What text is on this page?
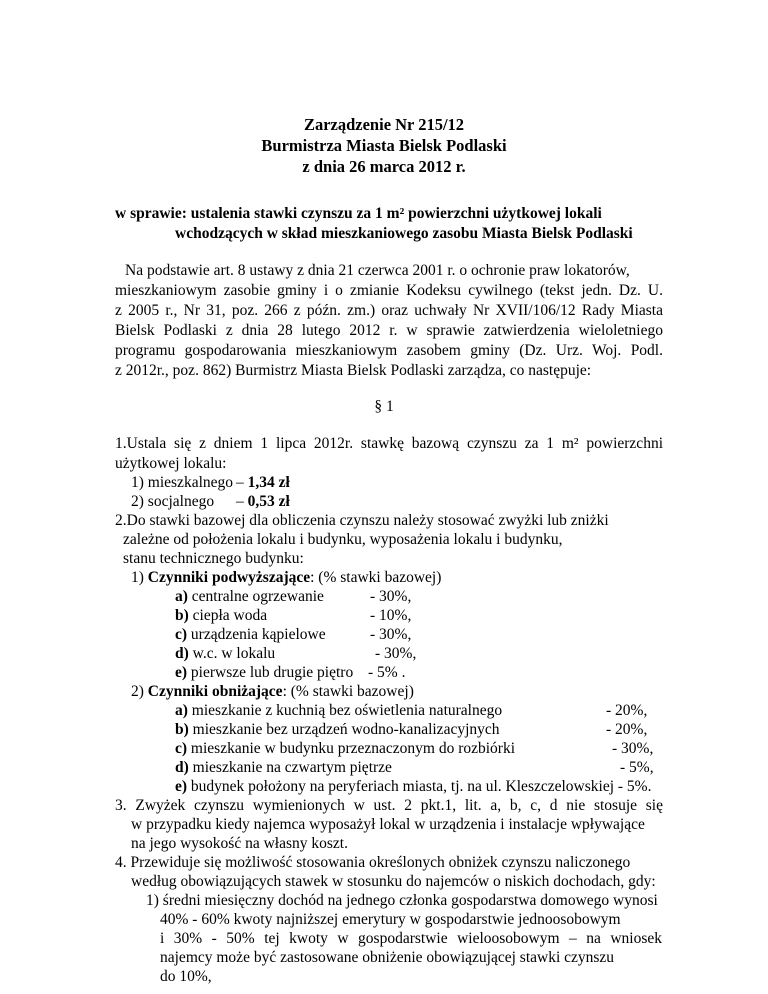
Zarządzenie Nr 215/12
Burmistrza Miasta Bielsk Podlaski
z dnia 26 marca 2012 r.
w sprawie: ustalenia stawki czynszu za 1 m² powierzchni użytkowej lokali
wchodzących w skład mieszkaniowego zasobu Miasta Bielsk Podlaski
Na podstawie art. 8 ustawy z dnia 21 czerwca 2001 r. o ochronie praw lokatorów,
mieszkaniowym zasobie gminy i o zmianie Kodeksu cywilnego (tekst jedn. Dz. U.
z 2005 r., Nr 31, poz. 266 z późn. zm.) oraz uchwały Nr XVII/106/12 Rady Miasta
Bielsk Podlaski z dnia 28 lutego 2012 r. w sprawie zatwierdzenia wieloletniego
programu gospodarowania mieszkaniowym zasobem gminy (Dz. Urz. Woj. Podl.
z 2012r., poz. 862) Burmistrz Miasta Bielsk Podlaski zarządza, co następuje:
§ 1
1.Ustala się z dniem 1 lipca 2012r. stawkę bazową czynszu za 1 m² powierzchni
użytkowej lokalu:
1) mieszkalnego – 1,34 zł
2) socjalnego – 0,53 zł
2.Do stawki bazowej dla obliczenia czynszu należy stosować zwyżki lub zniżki
zależne od położenia lokalu i budynku, wyposażenia lokalu i budynku,
stanu technicznego budynku:
1) Czynniki podwyższające: (% stawki bazowej)
a) centralne ogrzewanie	- 30%,
b) ciepła woda	- 10%,
c) urządzenia kąpielowe	- 30%,
d) w.c. w lokalu	- 30%,
e) pierwsze lub drugie piętro - 5% .
2) Czynniki obniżające: (% stawki bazowej)
a) mieszkanie z kuchnią bez oświetlenia naturalnego	- 20%,
b) mieszkanie bez urządzeń wodno-kanalizacyjnych	- 20%,
c) mieszkanie w budynku przeznaczonym do rozbiórki	- 30%,
d) mieszkanie na czwartym piętrze	- 5%,
e) budynek położony na peryferiach miasta, tj. na ul. Kleszczelowskiej - 5%.
3. Zwyżek czynszu wymienionych w ust. 2 pkt.1, lit. a, b, c, d nie stosuje się
w przypadku kiedy najemca wyposażył lokal w urządzenia i instalacje wpływające
na jego wysokość na własny koszt.
4. Przewiduje się możliwość stosowania określonych obniżek czynszu naliczonego
według obowiązujących stawek w stosunku do najemców o niskich dochodach, gdy:
1) średni miesięczny dochód na jednego członka gospodarstwa domowego wynosi
40% - 60% kwoty najniższej emerytury w gospodarstwie jednoosobowym
i 30% - 50% tej kwoty w gospodarstwie wieloosobowym – na wniosek
najemcy może być zastosowane obniżenie obowiązującej stawki czynszu
do 10%,
